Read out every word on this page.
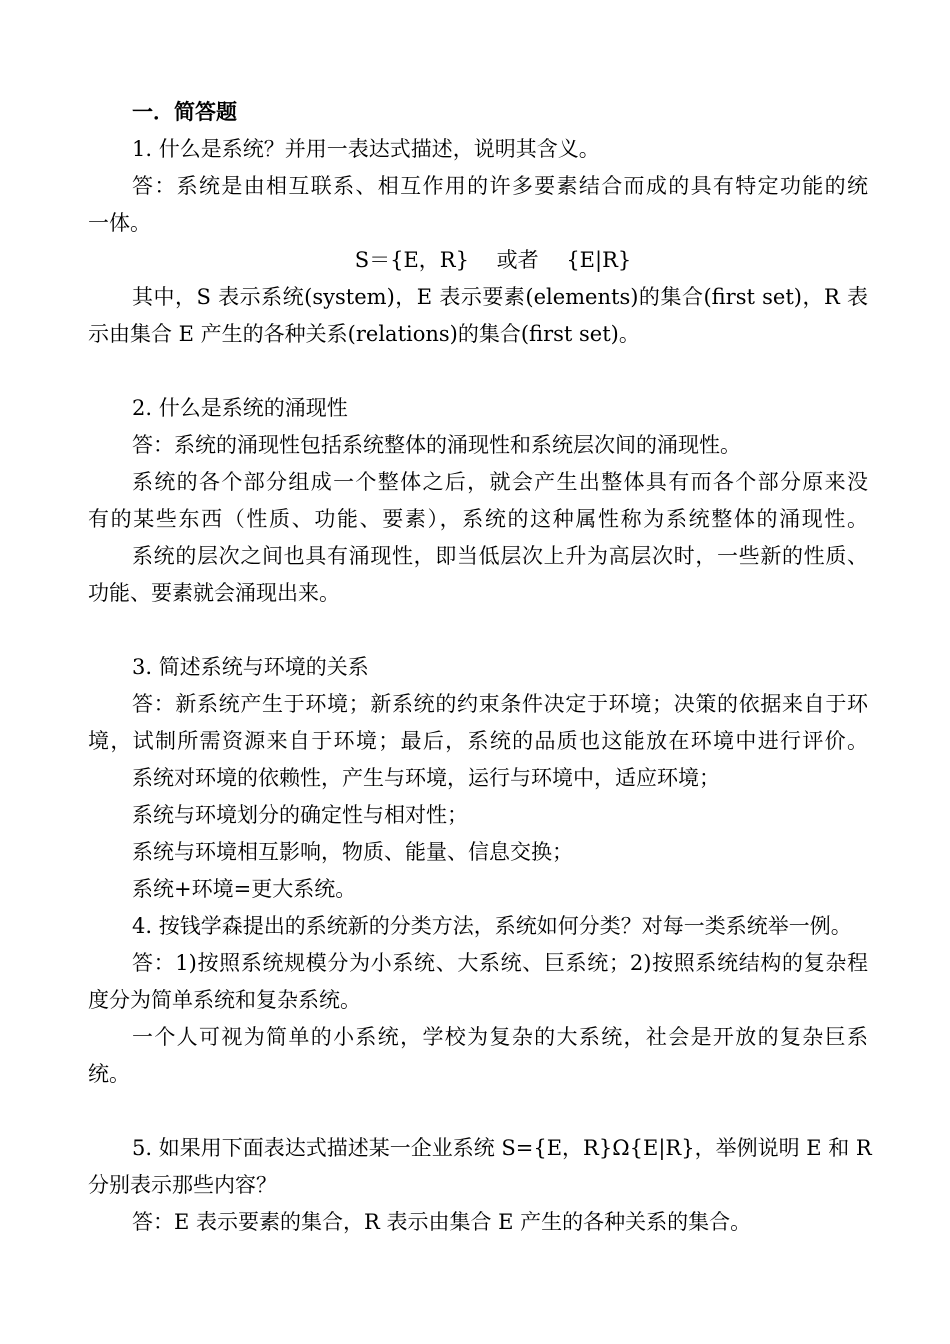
一．简答题
1. 什么是系统？并用一表达式描述，说明其含义。
答：系统是由相互联系、相互作用的许多要素结合而成的具有特定功能的统
一体。
S＝{E，R}　 或者 　{E|R}
其中，S 表示系统(system)，E 表示要素(elements)的集合(first set)，R 表
示由集合 E 产生的各种关系(relations)的集合(first set)。
2. 什么是系统的涌现性
答：系统的涌现性包括系统整体的涌现性和系统层次间的涌现性。
系统的各个部分组成一个整体之后，就会产生出整体具有而各个部分原来没
有的某些东西（性质、功能、要素），系统的这种属性称为系统整体的涌现性。
系统的层次之间也具有涌现性，即当低层次上升为高层次时，一些新的性质、
功能、要素就会涌现出来。
3. 简述系统与环境的关系
答：新系统产生于环境；新系统的约束条件决定于环境；决策的依据来自于环
境，试制所需资源来自于环境；最后，系统的品质也这能放在环境中进行评价。
系统对环境的依赖性，产生与环境，运行与环境中，适应环境；
系统与环境划分的确定性与相对性；
系统与环境相互影响，物质、能量、信息交换；
系统+环境=更大系统。
4. 按钱学森提出的系统新的分类方法，系统如何分类？对每一类系统举一例。
答：1)按照系统规模分为小系统、大系统、巨系统；2)按照系统结构的复杂程
度分为简单系统和复杂系统。
一个人可视为简单的小系统，学校为复杂的大系统，社会是开放的复杂巨系
统。
5. 如果用下面表达式描述某一企业系统 S={E，R}Ω{E|R}，举例说明 E 和 R
分别表示那些内容？
答：E 表示要素的集合，R 表示由集合 E 产生的各种关系的集合。
